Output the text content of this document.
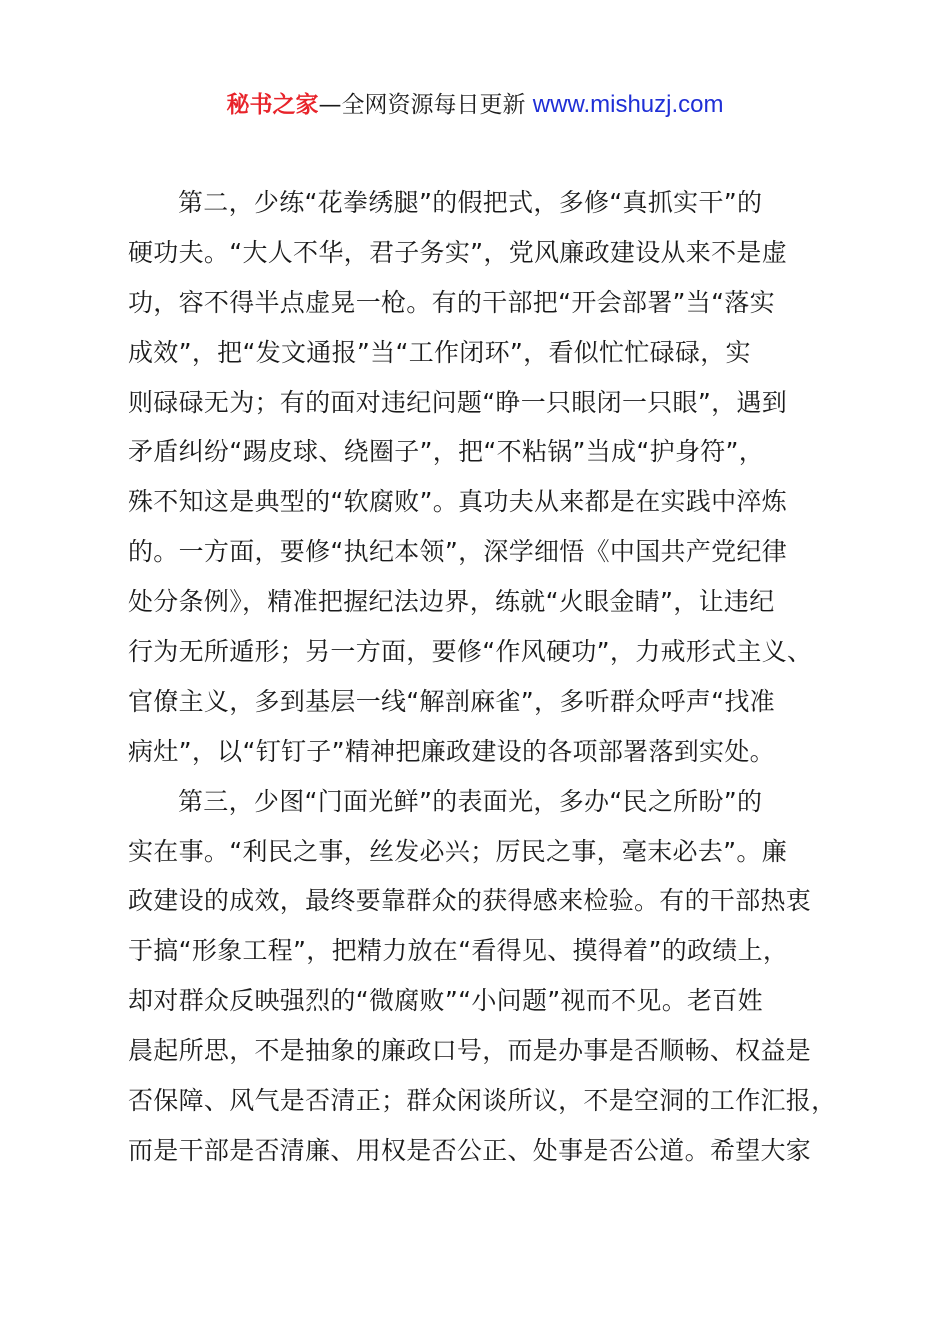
秘书之家—全网资源每日更新 www.mishuzj.com
第二，少练“花拳绣腿”的假把式，多修“真抓实干”的
硬功夫。“大人不华，君子务实”，党风廉政建设从来不是虚
功，容不得半点虚晃一枪。有的干部把“开会部署”当“落实
成效”，把“发文通报”当“工作闭环”，看似忙忙碌碌，实
则碌碌无为；有的面对违纪问题“睁一只眼闭一只眼”，遇到
矛盾纠纷“踢皮球、绕圈子”，把“不粘锅”当成“护身符”，
殊不知这是典型的“软腐败”。真功夫从来都是在实践中淬炼
的。一方面，要修“执纪本领”，深学细悟《中国共产党纪律
处分条例》，精准把握纪法边界，练就“火眼金睛”，让违纪
行为无所遁形；另一方面，要修“作风硬功”，力戒形式主义、
官僚主义，多到基层一线“解剖麻雀”，多听群众呼声“找准
病灶”，以“钉钉子”精神把廉政建设的各项部署落到实处。
第三，少图“门面光鲜”的表面光，多办“民之所盼”的
实在事。“利民之事，丝发必兴；厉民之事，毫末必去”。廉
政建设的成效，最终要靠群众的获得感来检验。有的干部热衷
于搞“形象工程”，把精力放在“看得见、摸得着”的政绩上，
却对群众反映强烈的“微腐败”“小问题”视而不见。老百姓
晨起所思，不是抽象的廉政口号，而是办事是否顺畅、权益是
否保障、风气是否清正；群众闲谈所议，不是空洞的工作汇报，
而是干部是否清廉、用权是否公正、处事是否公道。希望大家
